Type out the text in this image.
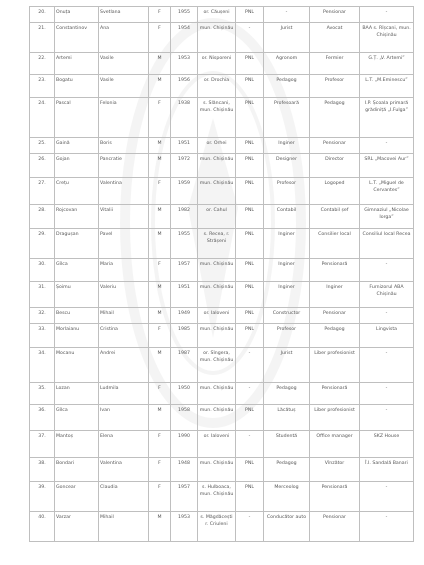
20.	Onuța	Svetlana	F	1955	or. Căușeni	PNL	-	Pensionar	-
21.	Constantinov	Ana	F	1954	mun. Chișinău	-	Jurist	Avocat	BAA s. Rîșcani, mun. Chișinău
22.	Artemi	Vasile	M	1953	or. Nisporeni	PNL	Agronom	Fermier	G.Ț. „V. Artemi”
23.	Bogatu	Vasile	M	1956	or. Drochia	PNL	Pedagog	Profesor	L.T. „M.Eminescu”
24.	Pascal	Felonia	F	1938	s. Slăncani, mun. Chișinău	PNL	Profesoară	Pedagog	I.P. Școala primară grădiniță „I.Fulga”
25.	Gaină	Boris	M	1951	or. Orhei	PNL	Inginer	Pensionar	-
26.	Gojan	Pancratie	M	1972	mun. Chișinău	PNL	Designer	Director	SRL „Macovei Aur”
27.	Crețu	Valentina	F	1959	mun. Chișinău	PNL	Profesor	Logoped	L.T. „Miguel de Cervantes”
28.	Rojcovan	Vitalii	M	1982	or. Cahul	PNL	Contabil	Contabil șef	Gimnaziul „Nicolae Iorga”
29.	Dragușan	Pavel	M	1955	s. Recea, r. Strășeni	PNL	Inginer	Consilier local	Consiliul local Recea
30.	Gîlca	Maria	F	1957	mun. Chișinău	PNL	Inginer	Pensionară	-
31.	Șoimu	Valeriu	M	1951	mun. Chișinău	PNL	Inginer	Inginer	Furnizorul ABA Chișinău
32.	Bescu	Mihail	M	1949	or. Ialoveni	PNL	Constructor	Pensionar	-
33.	Morlaianu	Cristina	F	1985	mun. Chișinău	PNL	Profesor	Pedagog	Lingvista
34.	Mocanu	Andrei	M	1987	or. Sîngera, mun. Chișinău	-	Jurist	Liber profesionist	-
35.	Lozan	Ludmila	F	1950	mun. Chișinău	-	Pedagog	Pensionară	-
36.	Gîlca	Ivan	M	1958	mun. Chișinău	PNL	Lăcătuș	Liber profesionist	-
37.	Mantoș	Elena	F	1990	or. Ialoveni	-	Studentă	Office manager	SKZ House
38.	Bondari	Valentina	F	1948	mun. Chișinău	PNL	Pedagog	Vînzător	Î.I. Sandală Banari
39.	Goncear	Claudia	F	1957	s. Hulboaca, mun. Chișinău	PNL	Merceolog	Pensionară	-
40.	Varzar	Mihail	M	1953	s. Măgdăcești r. Criuleni	-	Conducător auto	Pensionar	-
